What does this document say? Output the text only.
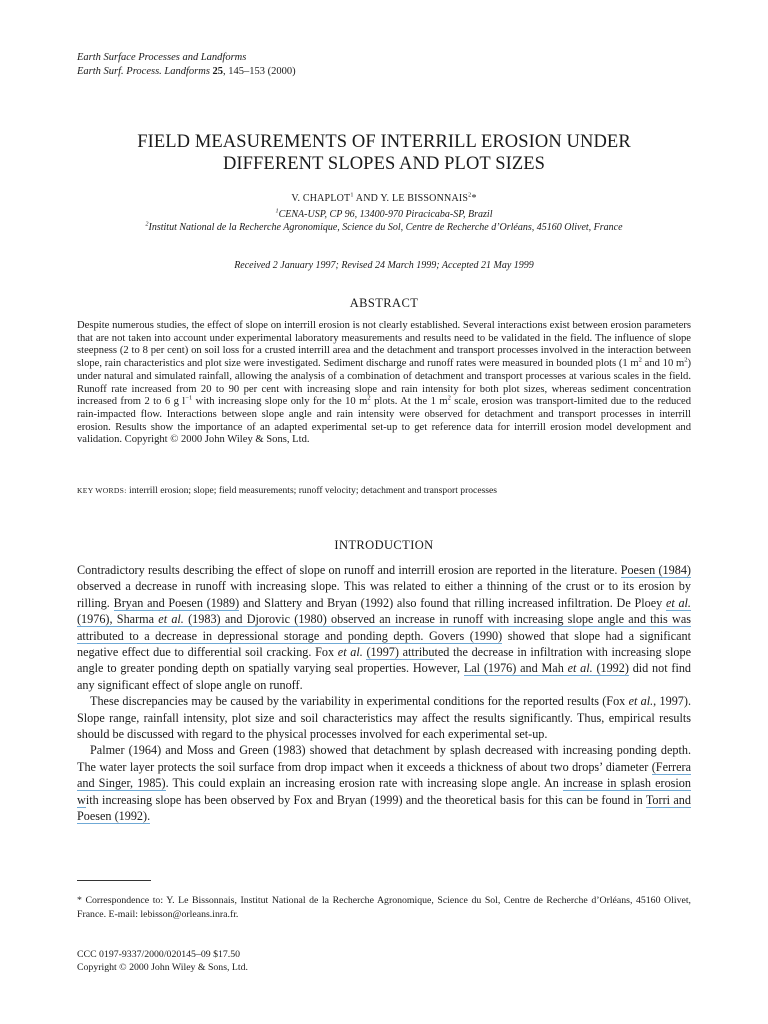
Earth Surface Processes and Landforms
Earth Surf. Process. Landforms 25, 145–153 (2000)
FIELD MEASUREMENTS OF INTERRILL EROSION UNDER
DIFFERENT SLOPES AND PLOT SIZES
V. CHAPLOT$^1$ AND Y. LE BISSONNAIS$^2$*
$^1$CENA-USP, CP 96, 13400-970 Piracicaba-SP, Brazil
$^2$Institut National de la Recherche Agronomique, Science du Sol, Centre de Recherche d’Orléans, 45160 Olivet, France
Received 2 January 1997; Revised 24 March 1999; Accepted 21 May 1999
ABSTRACT
Despite numerous studies, the effect of slope on interrill erosion is not clearly established. Several interactions exist between erosion parameters that are not taken into account under experimental laboratory measurements and results need to be validated in the field. The influence of slope steepness (2 to 8 per cent) on soil loss for a crusted interrill area and the detachment and transport processes involved in the interaction between slope, rain characteristics and plot size were investigated. Sediment discharge and runoff rates were measured in bounded plots (1 $m^2$ and 10 $m^2$) under natural and simulated rainfall, allowing the analysis of a combination of detachment and transport processes at various scales in the field. Runoff rate increased from 20 to 90 per cent with increasing slope and rain intensity for both plot sizes, whereas sediment concentration increased from 2 to 6 g $l^{-1}$ with increasing slope only for the 10 $m^2$ plots. At the 1 $m^2$ scale, erosion was transport-limited due to the reduced rain-impacted flow. Interactions between slope angle and rain intensity were observed for detachment and transport processes in interrill erosion. Results show the importance of an adapted experimental set-up to get reference data for interrill erosion model development and validation. Copyright © 2000 John Wiley & Sons, Ltd.
KEY WORDS: interrill erosion; slope; field measurements; runoff velocity; detachment and transport processes
INTRODUCTION

Contradictory results describing the effect of slope on runoff and interrill erosion are reported in the literature. Poesen (1984) observed a decrease in runoff with increasing slope. This was related to either a thinning of the crust or to its erosion by rilling. Bryan and Poesen (1989) and Slattery and Bryan (1992) also found that rilling increased infiltration. De Ploey et al. (1976), Sharma et al. (1983) and Djorovic (1980) observed an increase in runoff with increasing slope angle and this was attributed to a decrease in depressional storage and ponding depth. Govers (1990) showed that slope had a significant negative effect due to differential soil cracking. Fox et al. (1997) attributed the decrease in infiltration with increasing slope angle to greater ponding depth on spatially varying seal properties. However, Lal (1976) and Mah et al. (1992) did not find any significant effect of slope angle on runoff.

These discrepancies may be caused by the variability in experimental conditions for the reported results (Fox et al., 1997). Slope range, rainfall intensity, plot size and soil characteristics may affect the results significantly. Thus, empirical results should be discussed with regard to the physical processes involved for each experimental set-up.

Palmer (1964) and Moss and Green (1983) showed that detachment by splash decreased with increasing ponding depth. The water layer protects the soil surface from drop impact when it exceeds a thickness of about two drops’ diameter (Ferrera and Singer, 1985). This could explain an increasing erosion rate with increasing slope angle. An increase in splash erosion with increasing slope has been observed by Fox and Bryan (1999) and the theoretical basis for this can be found in Torri and Poesen (1992).

* Correspondence to: Y. Le Bissonnais, Institut National de la Recherche Agronomique, Science du Sol, Centre de Recherche d’Orléans, 45160 Olivet, France. E-mail: lebisson@orleans.inra.fr.
CCC 0197-9337/2000/020145–09 $17.50
Copyright © 2000 John Wiley & Sons, Ltd.
